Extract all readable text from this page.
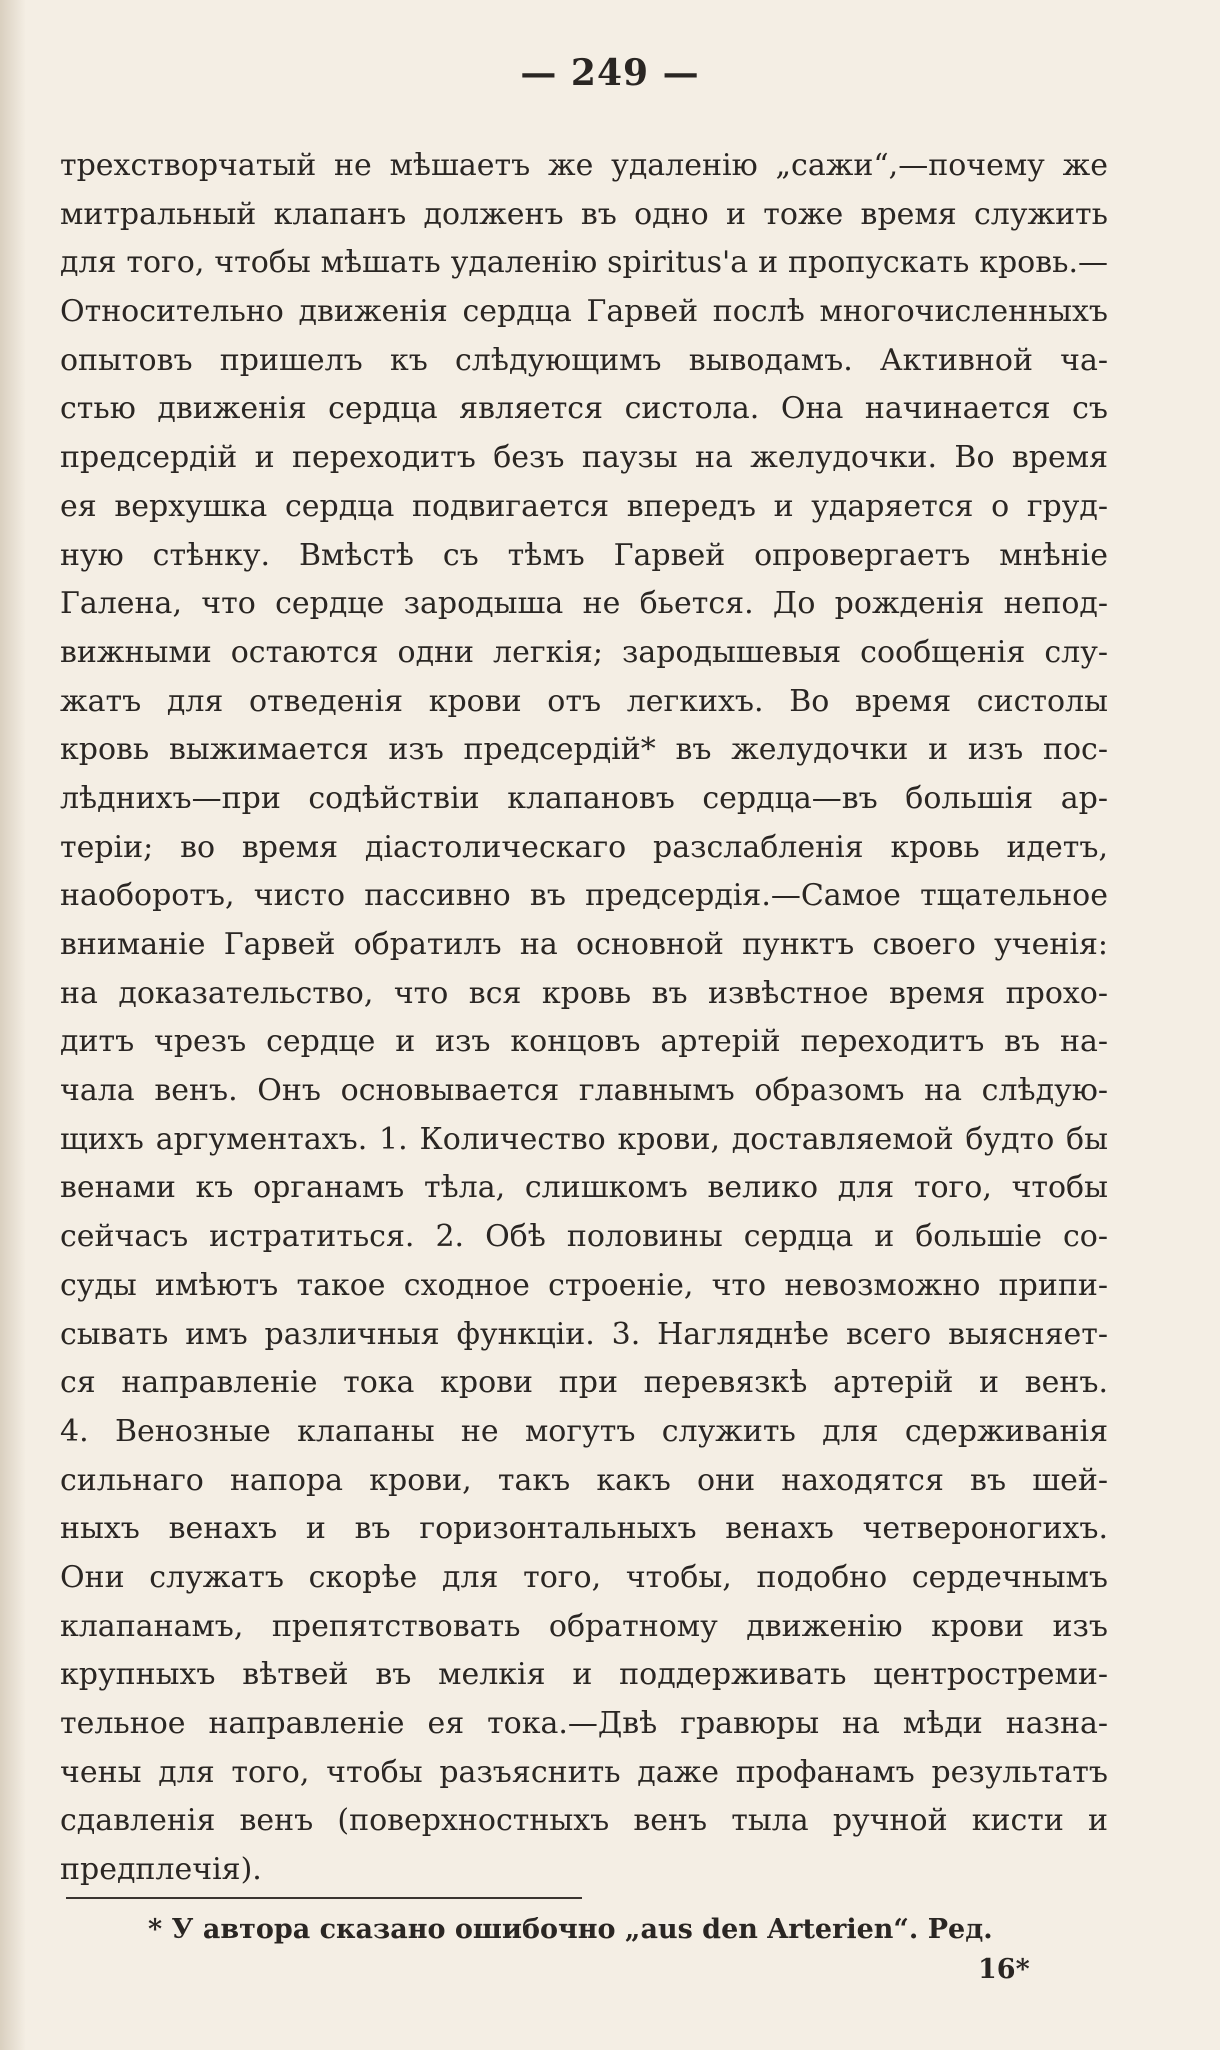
— 249 —
трехстворчатый не мѣшаетъ же удаленію „сажи“,—почему же
митральный клапанъ долженъ въ одно и тоже время служить
для того, чтобы мѣшать удаленію spiritus'а и пропускать кровь.—
Относительно движенія сердца Гарвей послѣ многочисленныхъ
опытовъ пришелъ къ слѣдующимъ выводамъ. Активной ча-
стью движенія сердца является систола. Она начинается съ
предсердій и переходитъ безъ паузы на желудочки. Во время
ея верхушка сердца подвигается впередъ и ударяется о груд-
ную стѣнку. Вмѣстѣ съ тѣмъ Гарвей опровергаетъ мнѣніе
Галена, что сердце зародыша не бьется. До рожденія непод-
вижными остаются одни легкія; зародышевыя сообщенія слу-
жатъ для отведенія крови отъ легкихъ. Во время систолы
кровь выжимается изъ предсердій* въ желудочки и изъ пос-
лѣднихъ—при содѣйствіи клапановъ сердца—въ большія ар-
теріи; во время діастолическаго разслабленія кровь идетъ,
наоборотъ, чисто пассивно въ предсердія.—Самое тщательное
вниманіе Гарвей обратилъ на основной пунктъ своего ученія:
на доказательство, что вся кровь въ извѣстное время прохо-
дитъ чрезъ сердце и изъ концовъ артерій переходитъ въ на-
чала венъ. Онъ основывается главнымъ образомъ на слѣдую-
щихъ аргументахъ. 1. Количество крови, доставляемой будто бы
венами къ органамъ тѣла, слишкомъ велико для того, чтобы
сейчасъ истратиться. 2. Обѣ половины сердца и большіе со-
суды имѣютъ такое сходное строеніе, что невозможно припи-
сывать имъ различныя функціи. 3. Нагляднѣе всего выясняет-
ся направленіе тока крови при перевязкѣ артерій и венъ.
4. Венозные клапаны не могутъ служить для сдерживанія
сильнаго напора крови, такъ какъ они находятся въ шей-
ныхъ венахъ и въ горизонтальныхъ венахъ четвероногихъ.
Они служатъ скорѣе для того, чтобы, подобно сердечнымъ
клапанамъ, препятствовать обратному движенію крови изъ
крупныхъ вѣтвей въ мелкія и поддерживать центростреми-
тельное направленіе ея тока.—Двѣ гравюры на мѣди назна-
чены для того, чтобы разъяснить даже профанамъ результатъ
сдавленія венъ (поверхностныхъ венъ тыла ручной кисти и
предплечія).
* У автора сказано ошибочно „aus den Arterien“. Ред.
16*
